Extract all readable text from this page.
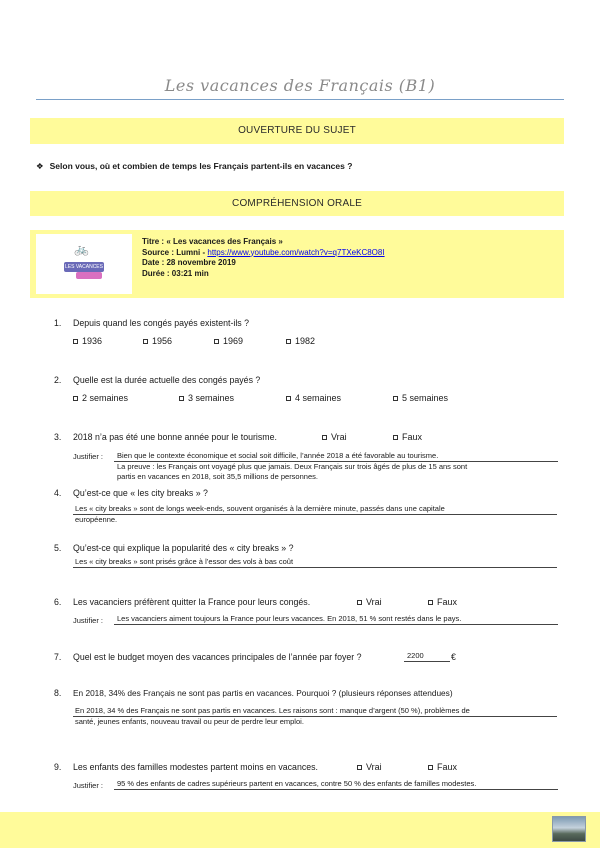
Les vacances des Français (B1)
OUVERTURE DU SUJET
❖ Selon vous, où et combien de temps les Français partent-ils en vacances ?
COMPRÉHENSION ORALE
🚲
LES VACANCES
Titre : « Les vacances des Français »
Source : Lumni - https://www.youtube.com/watch?v=q7TXeKC8O8I
Date : 28 novembre 2019
Durée : 03:21 min
1. Depuis quand les congés payés existent-ils ?
1936	1956	1969	1982
2. Quelle est la durée actuelle des congés payés ?
2 semaines	3 semaines	4 semaines	5 semaines
3. 2018 n’a pas été une bonne année pour le tourisme.	Vrai	Faux
Justifier : Bien que le contexte économique et social soit difficile, l’année 2018 a été favorable au tourisme.
La preuve : les Français ont voyagé plus que jamais. Deux Français sur trois âgés de plus de 15 ans sont
partis en vacances en 2018, soit 35,5 millions de personnes.
4. Qu’est-ce que « les city breaks » ?
Les « city breaks » sont de longs week-ends, souvent organisés à la dernière minute, passés dans une capitale
européenne.
5. Qu’est-ce qui explique la popularité des « city breaks » ?
Les « city breaks » sont prisés grâce à l’essor des vols à bas coût
6. Les vacanciers préfèrent quitter la France pour leurs congés.	Vrai	Faux
Justifier : Les vacanciers aiment toujours la France pour leurs vacances. En 2018, 51 % sont restés dans le pays.
7. Quel est le budget moyen des vacances principales de l’année par foyer ?	2200	€
8. En 2018, 34% des Français ne sont pas partis en vacances. Pourquoi ? (plusieurs réponses attendues)
En 2018, 34 % des Français ne sont pas partis en vacances. Les raisons sont : manque d’argent (50 %), problèmes de
santé, jeunes enfants, nouveau travail ou peur de perdre leur emploi.
9. Les enfants des familles modestes partent moins en vacances.	Vrai	Faux
Justifier : 95 % des enfants de cadres supérieurs partent en vacances, contre 50 % des enfants de familles modestes.
